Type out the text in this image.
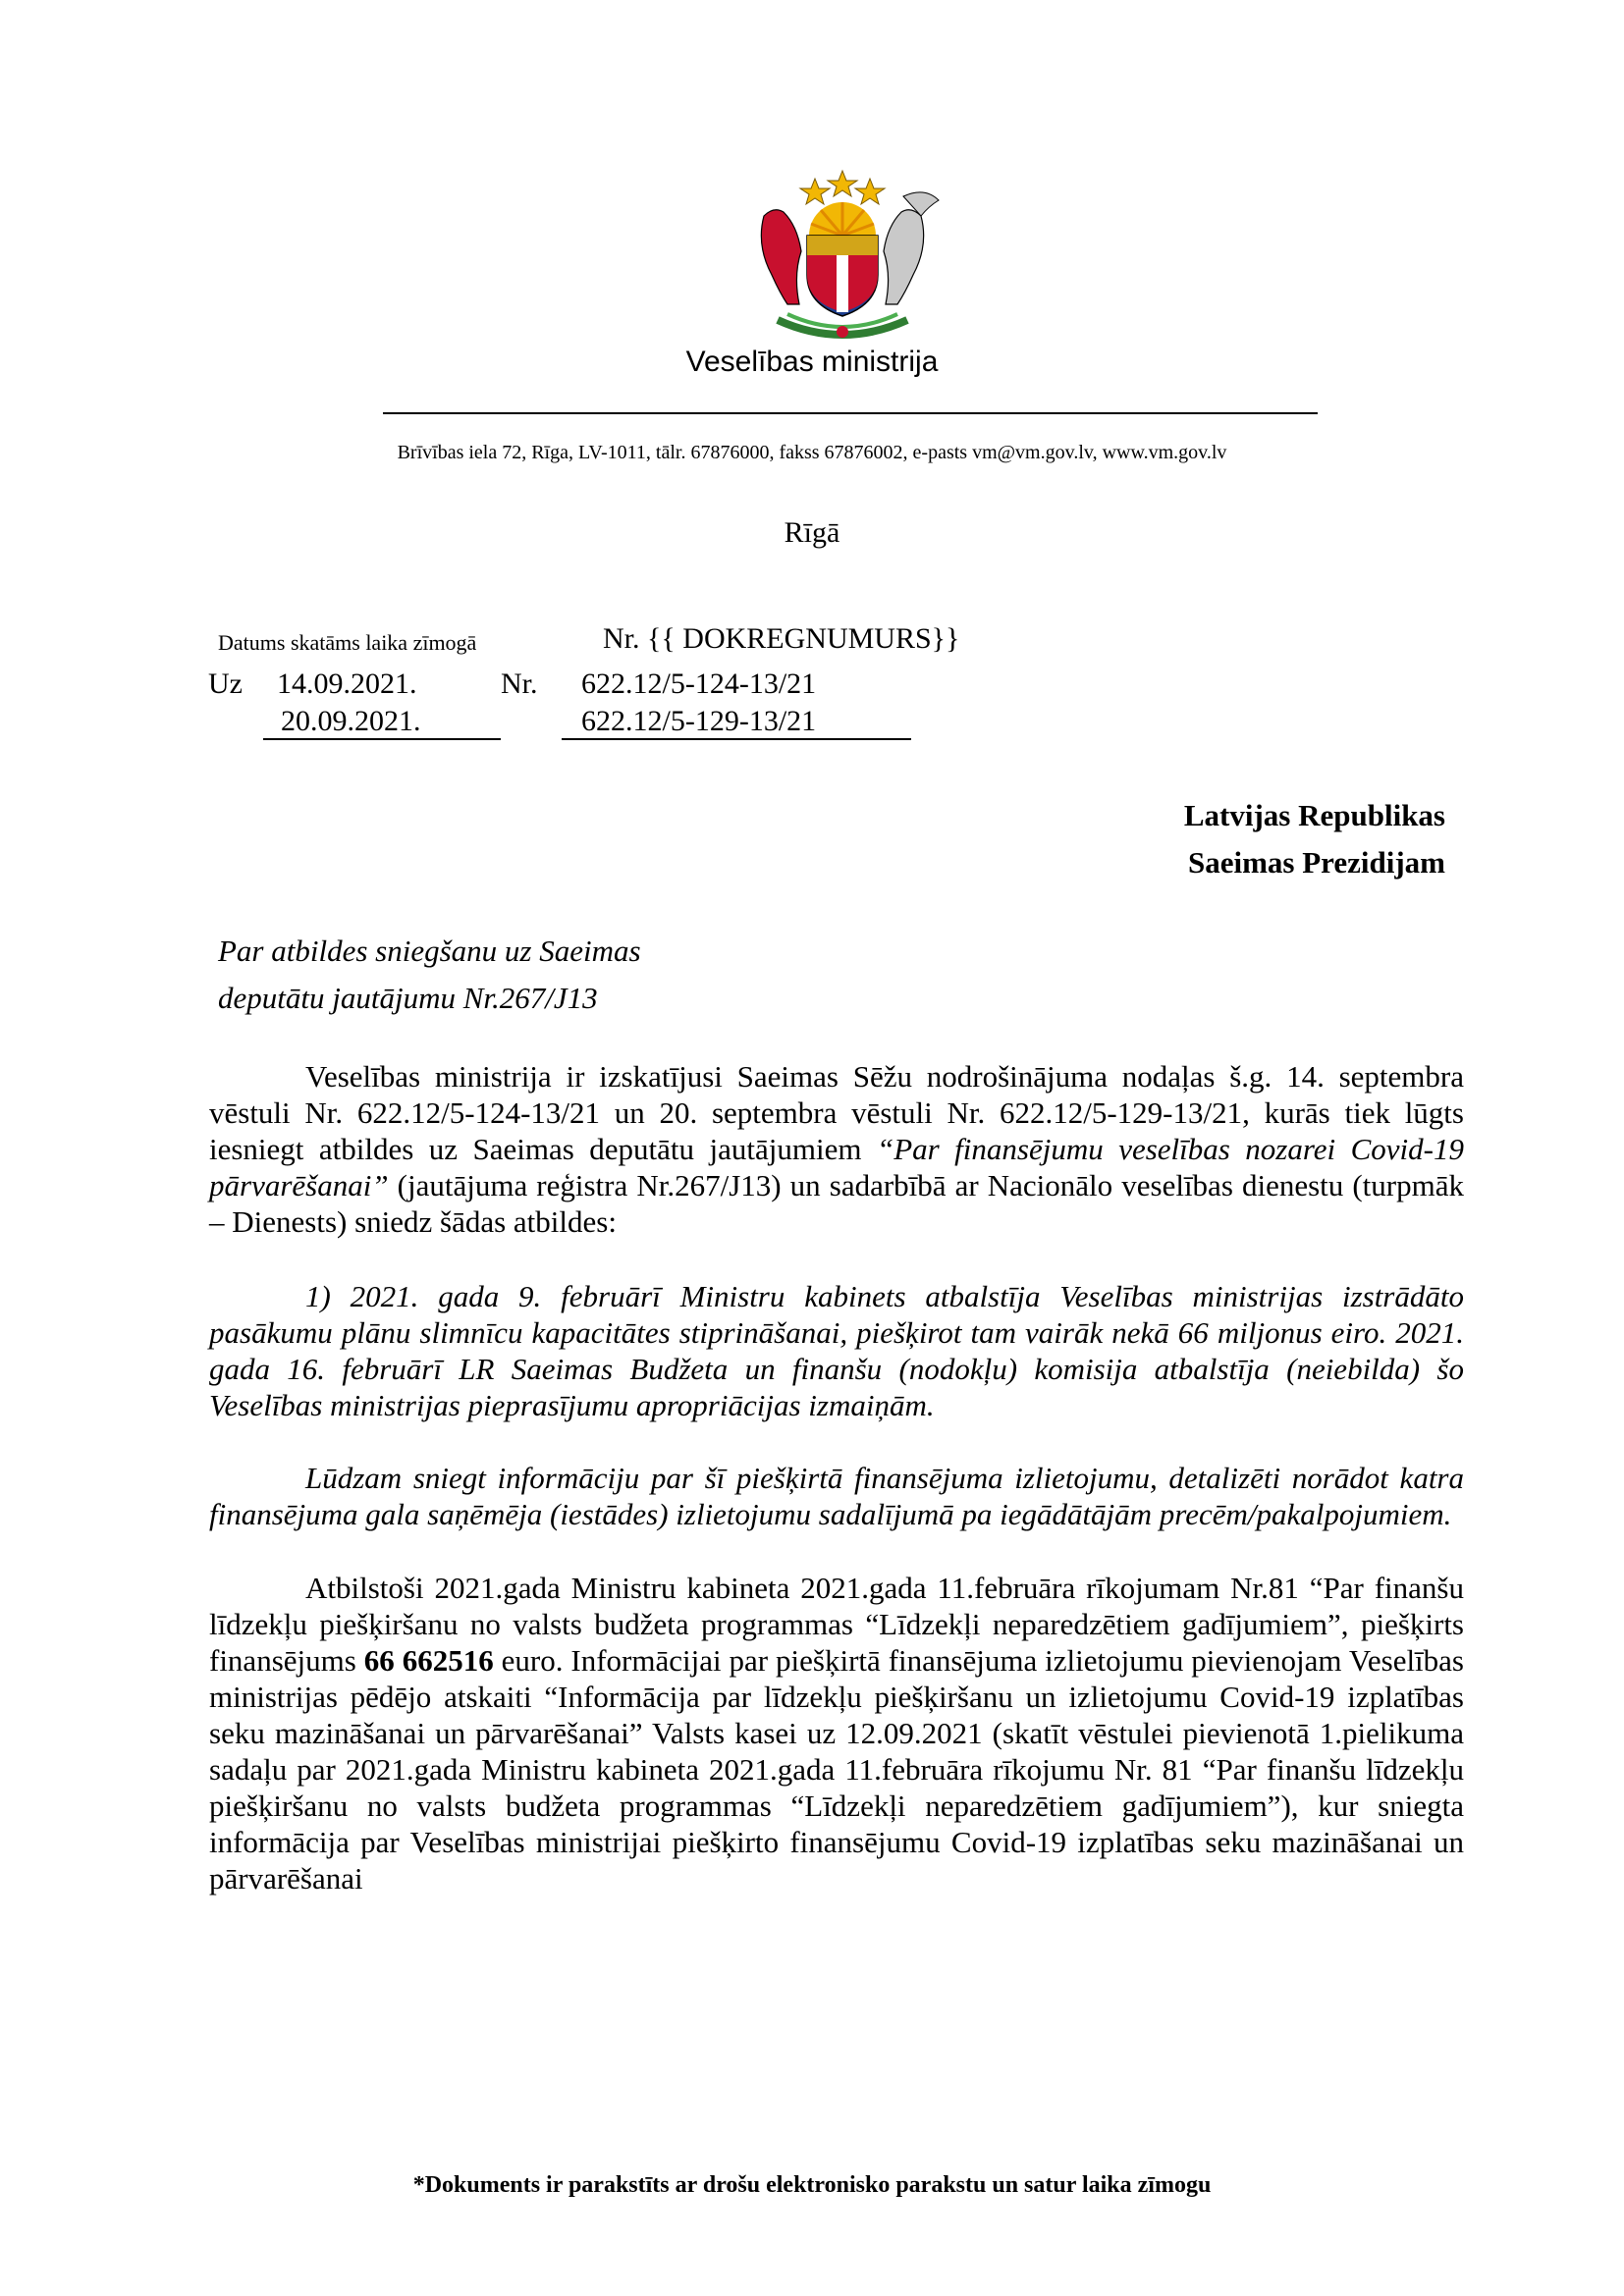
Veselības ministrija
Brīvības iela 72, Rīga, LV-1011, tālr. 67876000, fakss 67876002, e-pasts vm@vm.gov.lv, www.vm.gov.lv
Rīgā
Datums skatāms laika zīmogā	Nr. {{ DOKREGNUMURS}}
Uz 14.09.2021.	Nr. 622.12/5-124-13/21
20.09.2021.	622.12/5-129-13/21
Latvijas Republikas
Saeimas Prezidijam
Par atbildes sniegšanu uz Saeimas
deputātu jautājumu Nr.267/J13

Veselības ministrija ir izskatījusi Saeimas Sēžu nodrošinājuma nodaļas š.g. 14. septembra vēstuli Nr. 622.12/5-124-13/21 un 20. septembra vēstuli Nr. 622.12/5-129-13/21, kurās tiek lūgts iesniegt atbildes uz Saeimas deputātu jautājumiem “Par finansējumu veselības nozarei Covid-19 pārvarēšanai” (jautājuma reģistra Nr.267/J13) un sadarbībā ar Nacionālo veselības dienestu (turpmāk – Dienests) sniedz šādas atbildes:

1) 2021. gada 9. februārī Ministru kabinets atbalstīja Veselības ministrijas izstrādāto pasākumu plānu slimnīcu kapacitātes stiprināšanai, piešķirot tam vairāk nekā 66 miljonus eiro. 2021. gada 16. februārī LR Saeimas Budžeta un finanšu (nodokļu) komisija atbalstīja (neiebilda) šo Veselības ministrijas pieprasījumu apropriācijas izmaiņām.

Lūdzam sniegt informāciju par šī piešķirtā finansējuma izlietojumu, detalizēti norādot katra finansējuma gala saņēmēja (iestādes) izlietojumu sadalījumā pa iegādātājām precēm/pakalpojumiem.

Atbilstoši 2021.gada Ministru kabineta 2021.gada 11.februāra rīkojumam Nr.81 “Par finanšu līdzekļu piešķiršanu no valsts budžeta programmas “Līdzekļi neparedzētiem gadījumiem”, piešķirts finansējums 66 662516 euro. Informācijai par piešķirtā finansējuma izlietojumu pievienojam Veselības ministrijas pēdējo atskaiti “Informācija par līdzekļu piešķiršanu un izlietojumu Covid-19 izplatības seku mazināšanai un pārvarēšanai” Valsts kasei uz 12.09.2021 (skatīt vēstulei pievienotā 1.pielikuma sadaļu par 2021.gada Ministru kabineta 2021.gada 11.februāra rīkojumu Nr. 81 “Par finanšu līdzekļu piešķiršanu no valsts budžeta programmas “Līdzekļi neparedzētiem gadījumiem”), kur sniegta informācija par Veselības ministrijai piešķirto finansējumu Covid-19 izplatības seku mazināšanai un pārvarēšanai

*Dokuments ir parakstīts ar drošu elektronisko parakstu un satur laika zīmogu
